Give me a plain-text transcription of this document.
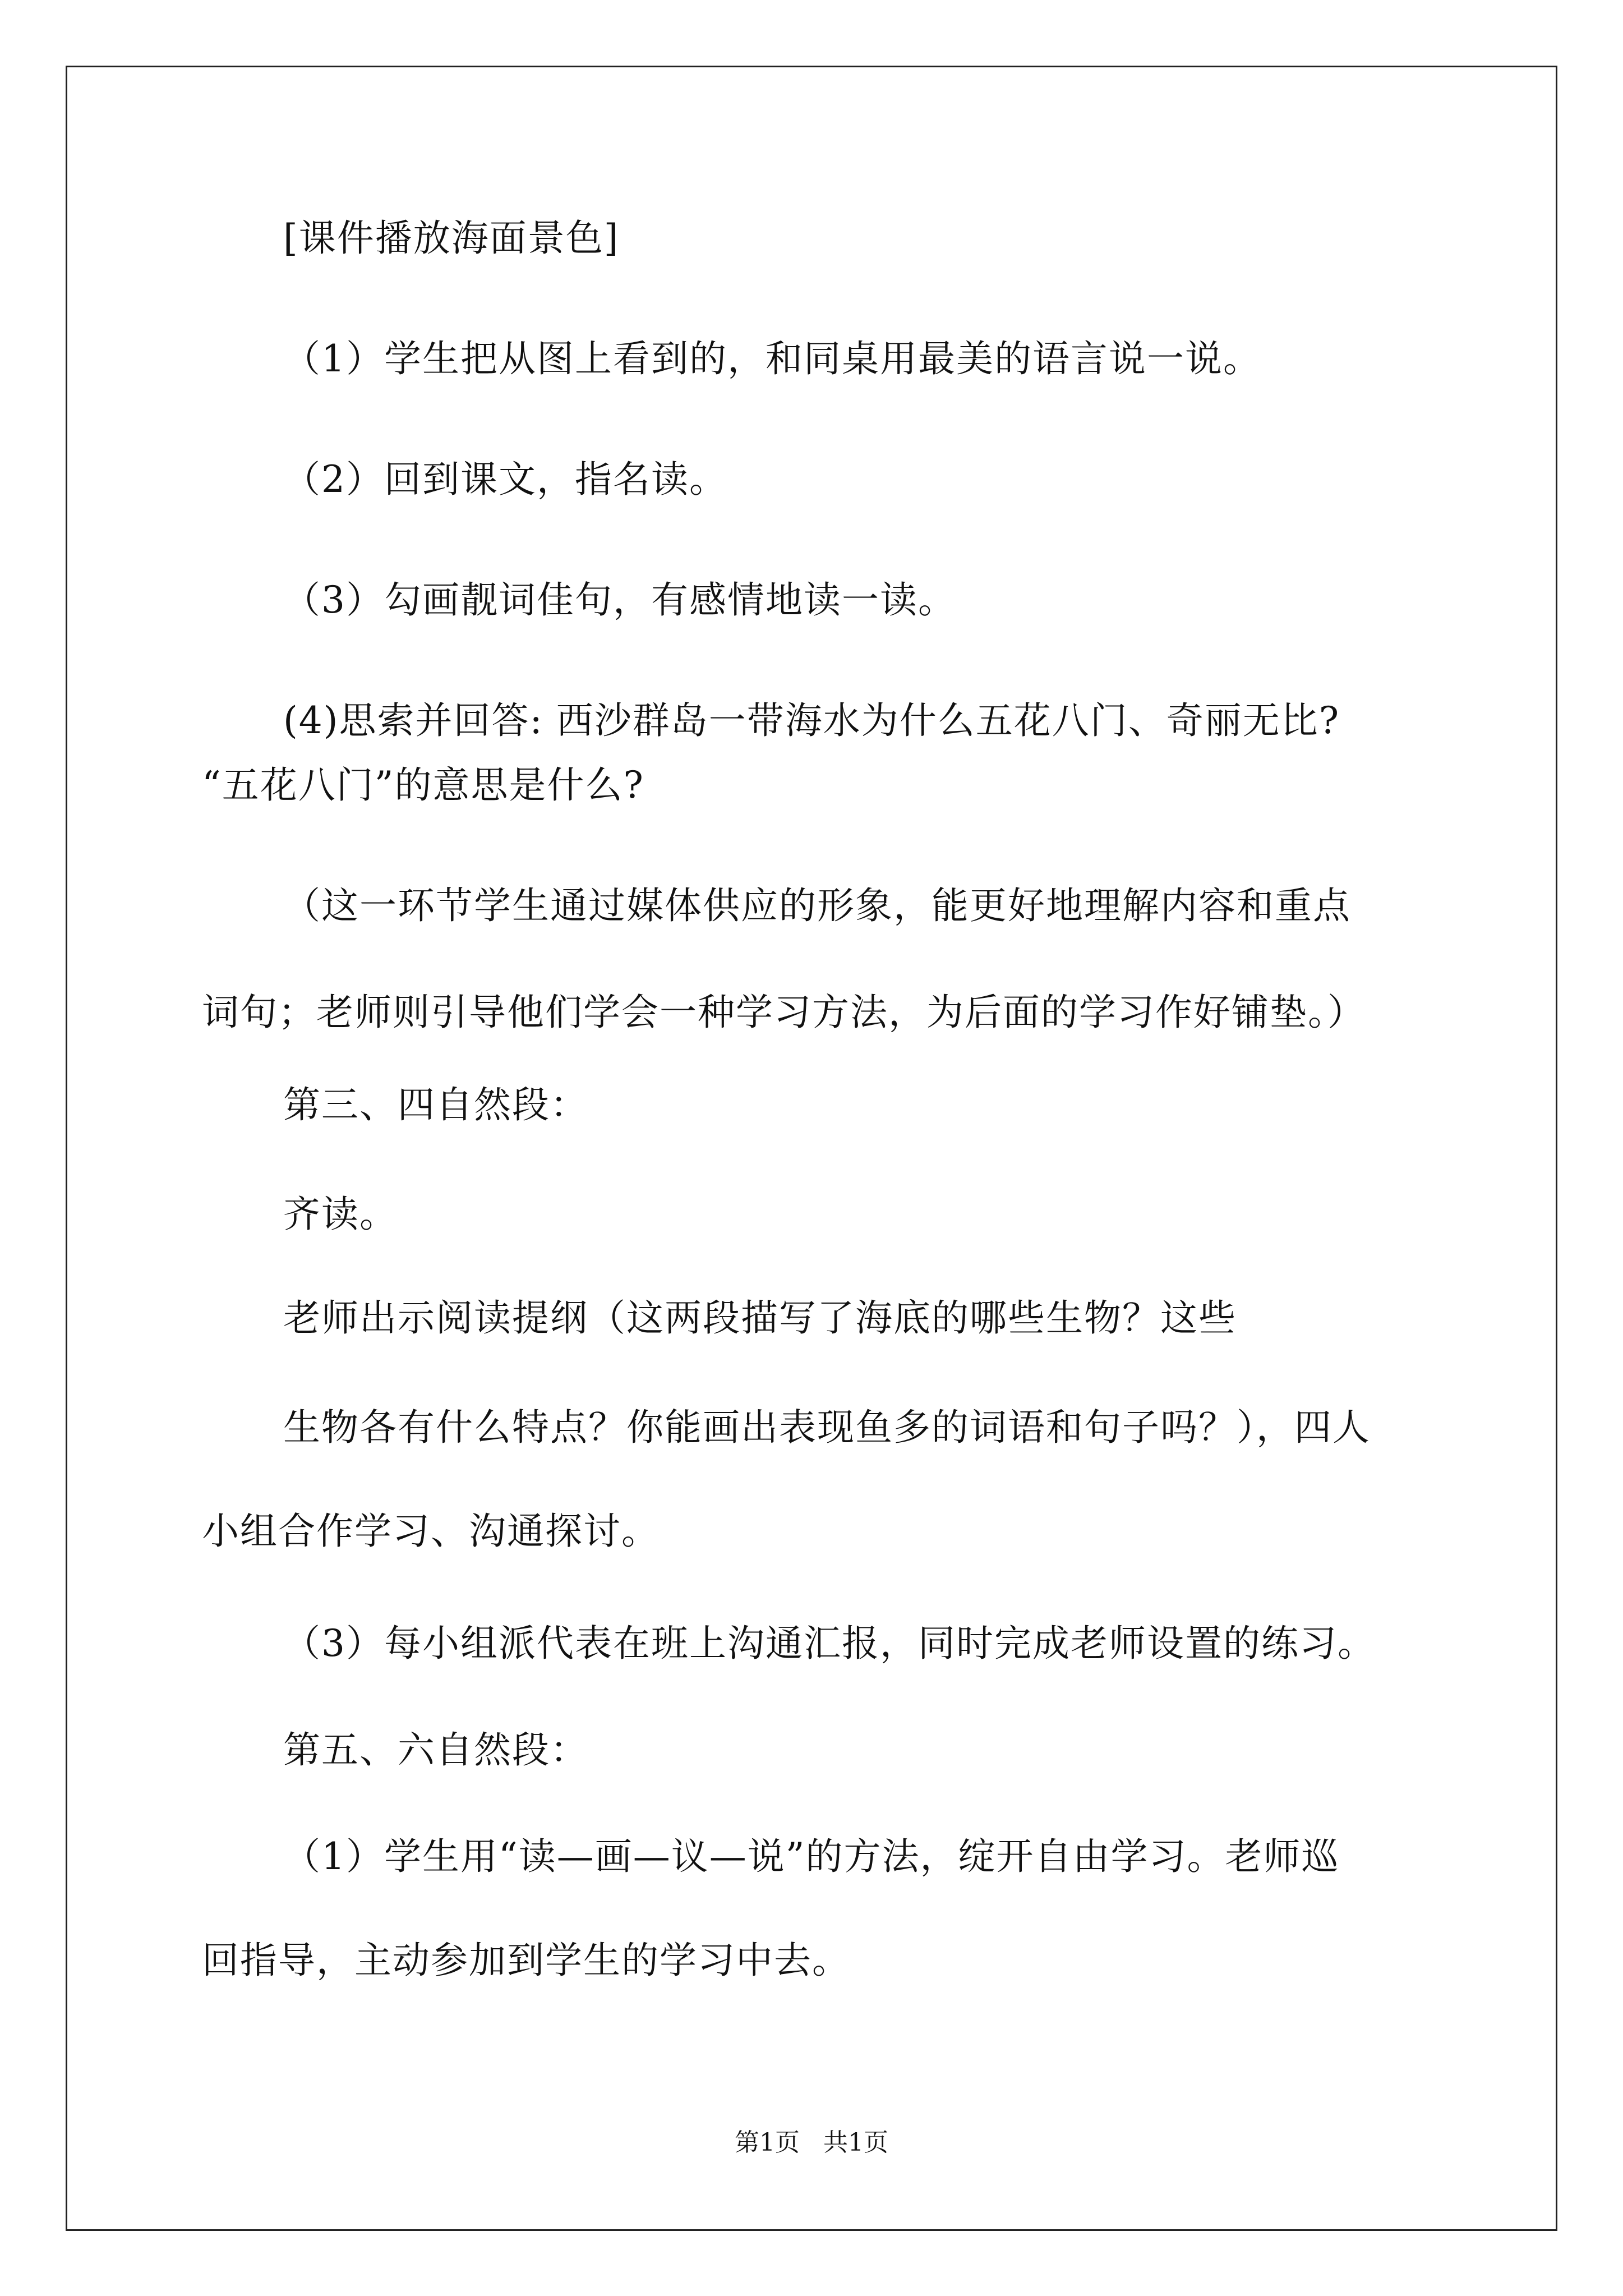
[课件播放海面景色]
（1）学生把从图上看到的，和同桌用最美的语言说一说。
（2）回到课文，指名读。
（3）勾画靓词佳句，有感情地读一读。
(4)思索并回答: 西沙群岛一带海水为什么五花八门、奇丽无比?
“五花八门”的意思是什么?
（这一环节学生通过媒体供应的形象，能更好地理解内容和重点
词句；老师则引导他们学会一种学习方法，为后面的学习作好铺垫。）
第三、四自然段：
齐读。
老师出示阅读提纲（这两段描写了海底的哪些生物？这些
生物各有什么特点？你能画出表现鱼多的词语和句子吗？），四人
小组合作学习、沟通探讨。
（3）每小组派代表在班上沟通汇报，同时完成老师设置的练习。
第五、六自然段：
（1）学生用“读—画—议—说”的方法，绽开自由学习。老师巡
回指导，主动参加到学生的学习中去。
第1页   共1页
